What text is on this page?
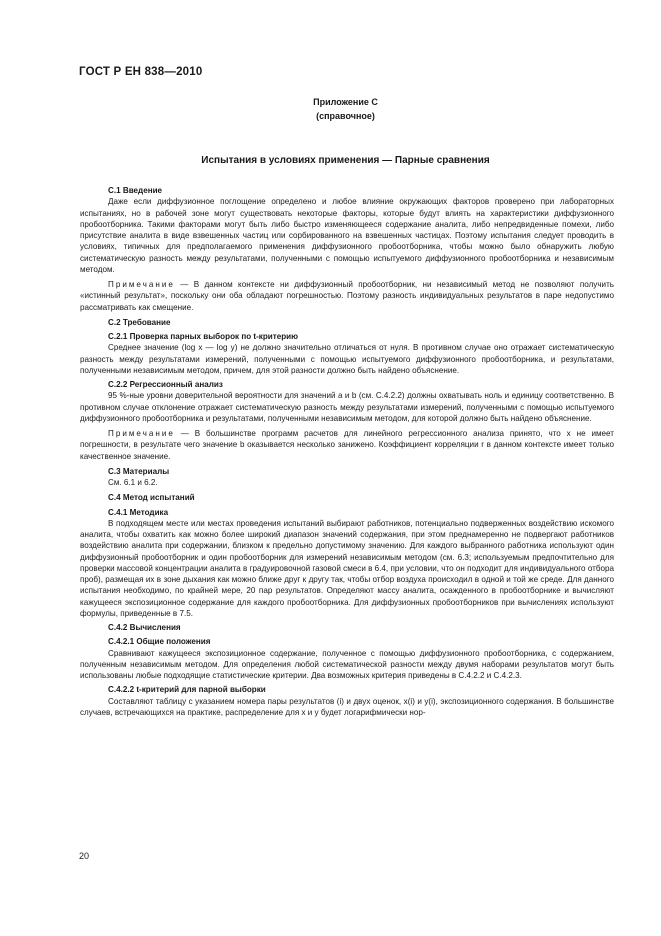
ГОСТ Р ЕН 838—2010
Приложение С
(справочное)
Испытания в условиях применения — Парные сравнения

С.1 Введение

Даже если диффузионное поглощение определено и любое влияние окружающих факторов проверено при лабораторных испытаниях, но в рабочей зоне могут существовать некоторые факторы, которые будут влиять на характеристики диффузионного пробоотборника. Такими факторами могут быть либо быстро изменяющееся содержание аналита, либо непредвиденные помехи, либо присутствие аналита в виде взвешенных частиц или сорбированного на взвешенных частицах. Поэтому испытания следует проводить в условиях, типичных для предполагаемого применения диффузионного пробоотборника, чтобы можно было обнаружить любую систематическую разность между результатами, полученными с помощью испытуемого диффузионного пробоотборника и независимым методом.

Примечание — В данном контексте ни диффузионный пробоотборник, ни независимый метод не позволяют получить «истинный результат», поскольку они оба обладают погрешностью. Поэтому разность индивидуальных результатов в паре недопустимо рассматривать как смещение.

С.2 Требование

С.2.1 Проверка парных выборок по t-критерию

Среднее значение (log x — log y) не должно значительно отличаться от нуля. В противном случае оно отражает систематическую разность между результатами измерений, полученными с помощью испытуемого диффузионного пробоотборника, и результатами, полученными независимым методом, причем, для этой разности должно быть найдено объяснение.

С.2.2 Регрессионный анализ

95 %-ные уровни доверительной вероятности для значений a и b (см. С.4.2.2) должны охватывать ноль и единицу соответственно. В противном случае отклонение отражает систематическую разность между результатами измерений, полученными с помощью испытуемого диффузионного пробоотборника и результатами, полученными независимым методом, для которой должно быть найдено объяснение.

Примечание — В большинстве программ расчетов для линейного регрессионного анализа принято, что x не имеет погрешности, в результате чего значение b оказывается несколько занижено. Коэффициент корреляции r в данном контексте имеет только качественное значение.

С.3 Материалы

См. 6.1 и 6.2.

С.4 Метод испытаний

С.4.1 Методика

В подходящем месте или местах проведения испытаний выбирают работников, потенциально подверженных воздействию искомого аналита, чтобы охватить как можно более широкий диапазон значений содержания, при этом преднамеренно не подвергают работников воздействию аналита при содержании, близком к предельно допустимому значению. Для каждого выбранного работника используют один диффузионный пробоотборник и один пробоотборник для измерений независимым методом (см. 6.3; используемым предпочтительно для проверки массовой концентрации аналита в градуировочной газовой смеси в 6.4, при условии, что он подходит для индивидуального отбора проб), размещая их в зоне дыхания как можно ближе друг к другу так, чтобы отбор воздуха происходил в одной и той же среде. Для данного испытания необходимо, по крайней мере, 20 пар результатов. Определяют массу аналита, осажденного в пробоотборнике и вычисляют кажущееся экспозиционное содержание для каждого пробоотборника. Для диффузионных пробоотборников при вычислениях используют формулы, приведенные в 7.5.

С.4.2 Вычисления

С.4.2.1 Общие положения

Сравнивают кажущееся экспозиционное содержание, полученное с помощью диффузионного пробоотборника, с содержанием, полученным независимым методом. Для определения любой систематической разности между двумя наборами результатов могут быть использованы любые подходящие статистические критерии. Два возможных критерия приведены в С.4.2.2 и С.4.2.3.

С.4.2.2 t-критерий для парной выборки

Составляют таблицу с указанием номера пары результатов (i) и двух оценок, x(i) и y(i), экспозиционного содержания. В большинстве случаев, встречающихся на практике, распределение для x и y будет логарифмически нор-

20
